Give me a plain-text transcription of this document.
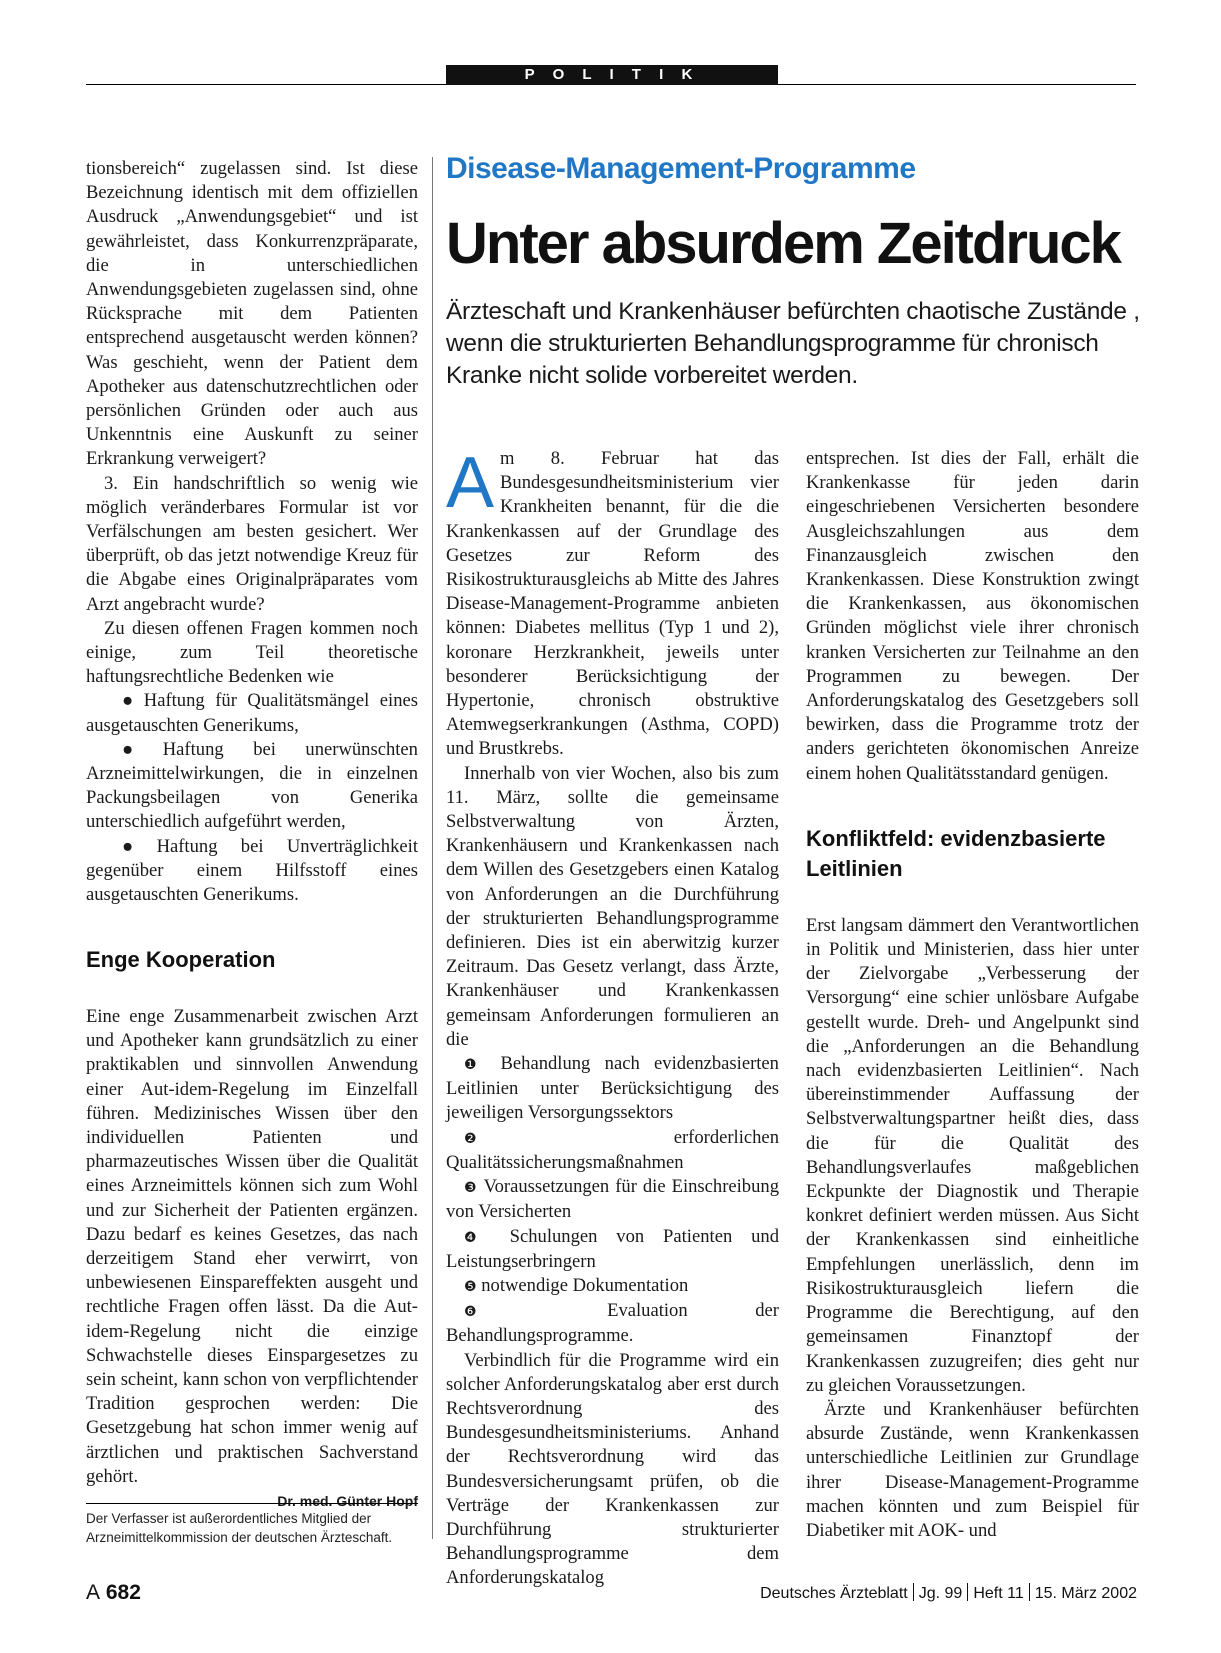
P O L I T I K
Disease-Management-Programme
Unter absurdem Zeitdruck

Ärzteschaft und Krankenhäuser befürchten chaotische Zustände , wenn die strukturierten Behandlungsprogramme für chronisch Kranke nicht solide vorbereitet werden.

tionsbereich“ zugelassen sind. Ist diese Bezeichnung identisch mit dem offiziellen Ausdruck „Anwendungsgebiet“ und ist gewährleistet, dass Konkurrenzpräparate, die in unterschiedlichen Anwendungsgebieten zugelassen sind, ohne Rücksprache mit dem Patienten entsprechend ausgetauscht werden können? Was geschieht, wenn der Patient dem Apotheker aus datenschutzrechtlichen oder persönlichen Gründen oder auch aus Unkenntnis eine Auskunft zu seiner Erkrankung verweigert?

3. Ein handschriftlich so wenig wie möglich veränderbares Formular ist vor Verfälschungen am besten gesichert. Wer überprüft, ob das jetzt notwendige Kreuz für die Abgabe eines Originalpräparates vom Arzt angebracht wurde?

Zu diesen offenen Fragen kommen noch einige, zum Teil theoretische haftungsrechtliche Bedenken wie

● Haftung für Qualitätsmängel eines ausgetauschten Generikums,

● Haftung bei unerwünschten Arzneimittelwirkungen, die in einzelnen Packungsbeilagen von Generika unterschiedlich aufgeführt werden,

● Haftung bei Unverträglichkeit gegenüber einem Hilfsstoff eines ausgetauschten Generikums.

Enge Kooperation

Eine enge Zusammenarbeit zwischen Arzt und Apotheker kann grundsätzlich zu einer praktikablen und sinnvollen Anwendung einer Aut-idem-Regelung im Einzelfall führen. Medizinisches Wissen über den individuellen Patienten und pharmazeutisches Wissen über die Qualität eines Arzneimittels können sich zum Wohl und zur Sicherheit der Patienten ergänzen. Dazu bedarf es keines Gesetzes, das nach derzeitigem Stand eher verwirrt, von unbewiesenen Einspareffekten ausgeht und rechtliche Fragen offen lässt. Da die Aut-idem-Regelung nicht die einzige Schwachstelle dieses Einspargesetzes zu sein scheint, kann schon von verpflichtender Tradition gesprochen werden: Die Gesetzgebung hat schon immer wenig auf ärztlichen und praktischen Sachverstand gehört.

Dr. med. Günter Hopf

Der Verfasser ist außerordentliches Mitglied der Arzneimittelkommission der deutschen Ärzteschaft.

Am 8. Februar hat das Bundesgesundheitsministerium vier Krankheiten benannt, für die die Krankenkassen auf der Grundlage des Gesetzes zur Reform des Risikostrukturausgleichs ab Mitte des Jahres Disease-Management-Programme anbieten können: Diabetes mellitus (Typ 1 und 2), koronare Herzkrankheit, jeweils unter besonderer Berücksichtigung der Hypertonie, chronisch obstruktive Atemwegserkrankungen (Asthma, COPD) und Brustkrebs.

Innerhalb von vier Wochen, also bis zum 11. März, sollte die gemeinsame Selbstverwaltung von Ärzten, Krankenhäusern und Krankenkassen nach dem Willen des Gesetzgebers einen Katalog von Anforderungen an die Durchführung der strukturierten Behandlungsprogramme definieren. Dies ist ein aberwitzig kurzer Zeitraum. Das Gesetz verlangt, dass Ärzte, Krankenhäuser und Krankenkassen gemeinsam Anforderungen formulieren an die

❶ Behandlung nach evidenzbasierten Leitlinien unter Berücksichtigung des jeweiligen Versorgungssektors

❷	erforderlichen Qualitätssicherungsmaßnahmen

❸ Voraussetzungen für die Einschreibung von Versicherten

❹ Schulungen von Patienten und Leistungserbringern

❺ notwendige Dokumentation

❻	Evaluation der Behandlungsprogramme.

Verbindlich für die Programme wird ein solcher Anforderungskatalog aber erst durch Rechtsverordnung des Bundesgesundheitsministeriums. Anhand der Rechtsverordnung wird das Bundesversicherungsamt prüfen, ob die Verträge der Krankenkassen zur Durchführung strukturierter Behandlungsprogramme dem Anforderungskatalog

entsprechen. Ist dies der Fall, erhält die Krankenkasse für jeden darin eingeschriebenen Versicherten besondere Ausgleichszahlungen aus dem Finanzausgleich zwischen den Krankenkassen. Diese Konstruktion zwingt die Krankenkassen, aus ökonomischen Gründen möglichst viele ihrer chronisch kranken Versicherten zur Teilnahme an den Programmen zu bewegen. Der Anforderungskatalog des Gesetzgebers soll bewirken, dass die Programme trotz der anders gerichteten ökonomischen Anreize einem hohen Qualitätsstandard genügen.

Konfliktfeld: evidenzbasierte Leitlinien

Erst langsam dämmert den Verantwortlichen in Politik und Ministerien, dass hier unter der Zielvorgabe „Verbesserung der Versorgung“ eine schier unlösbare Aufgabe gestellt wurde. Dreh- und Angelpunkt sind die „Anforderungen an die Behandlung nach evidenzbasierten Leitlinien“. Nach übereinstimmender Auffassung der Selbstverwaltungspartner heißt dies, dass die für die Qualität des Behandlungsverlaufes maßgeblichen Eckpunkte der Diagnostik und Therapie konkret definiert werden müssen. Aus Sicht der Krankenkassen sind einheitliche Empfehlungen unerlässlich, denn im Risikostrukturausgleich liefern die Programme die Berechtigung, auf den gemeinsamen Finanztopf der Krankenkassen zuzugreifen; dies geht nur zu gleichen Voraussetzungen.

Ärzte und Krankenhäuser befürchten absurde Zustände, wenn Krankenkassen unterschiedliche Leitlinien zur Grundlage ihrer Disease-Management-Programme machen könnten und zum Beispiel für Diabetiker mit AOK- und

A 682	Deutsches Ärzteblatt Jg. 99 Heft 11 15. März 2002
